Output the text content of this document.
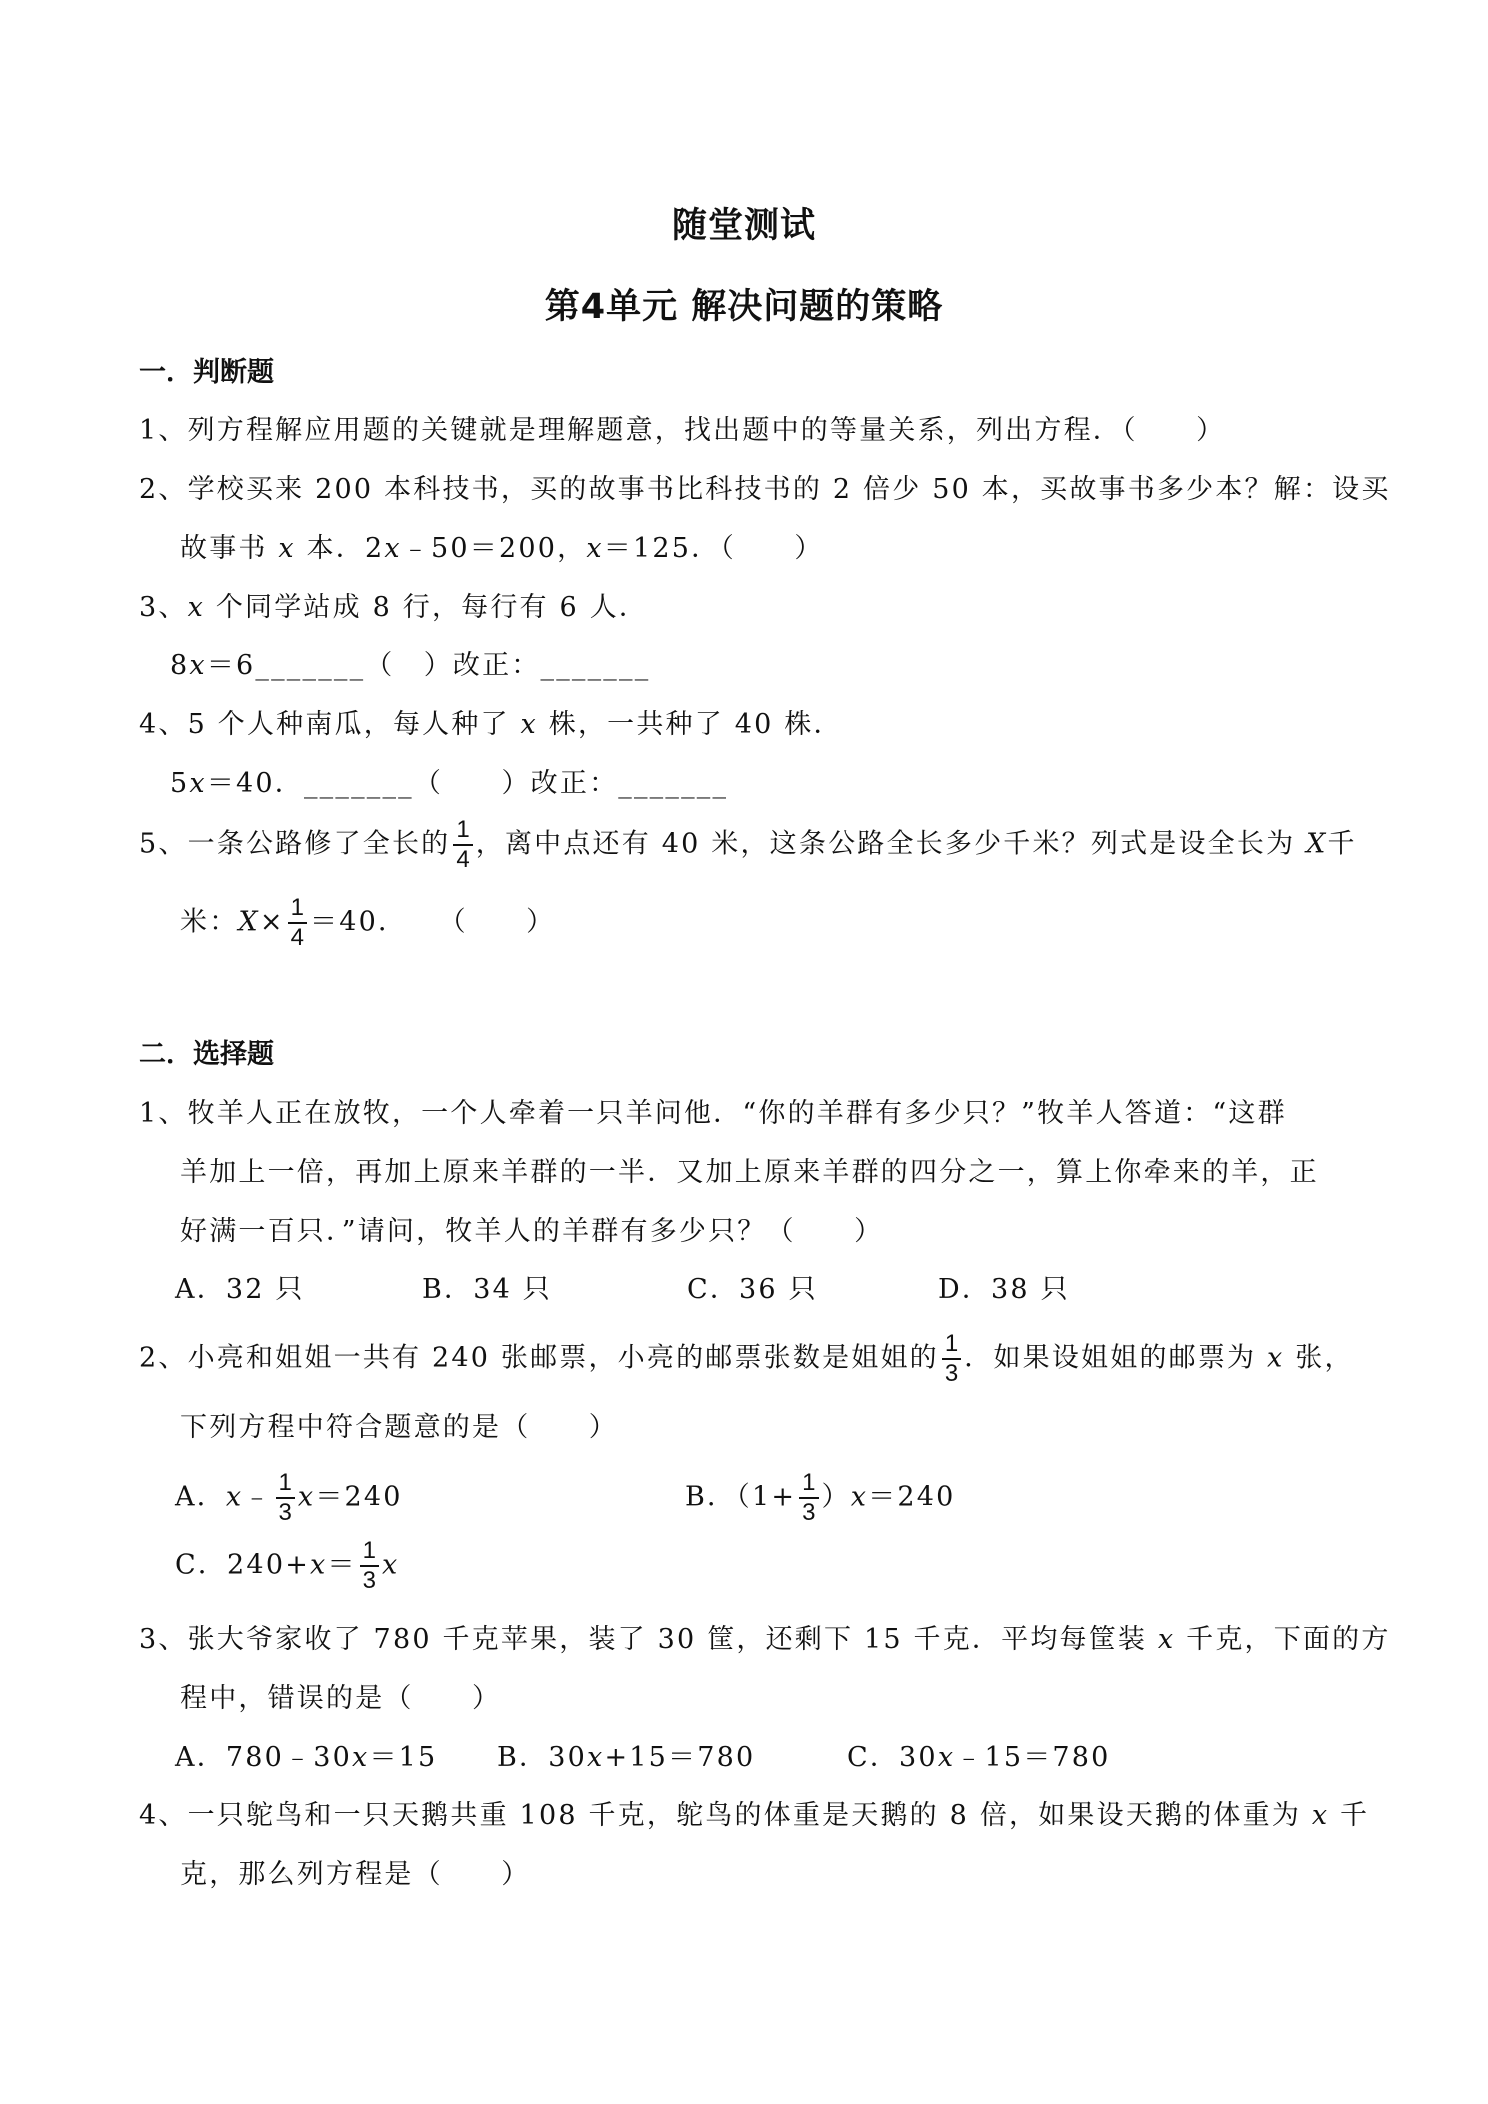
随堂测试
第4单元 解决问题的策略
一．判断题
1、列方程解应用题的关键就是理解题意，找出题中的等量关系，列出方程．（　　）
2、学校买来 200 本科技书，买的故事书比科技书的 2 倍少 50 本，买故事书多少本？解：设买
故事书 x 本．2x﹣50＝200，x＝125．（　　）
3、x 个同学站成 8 行，每行有 6 人．
8x＝6_______（　）改正：_______
4、5 个人种南瓜，每人种了 x 株，一共种了 40 株．
5x＝40．_______（　　）改正：_______
5、一条公路修了全长的 $\frac{1}{4}$ ，离中点还有 40 米，这条公路全长多少千米？列式是设全长为 X千
米：$X\times \frac{1}{4} =40$．　　（　　）
二．选择题
1、牧羊人正在放牧，一个人牵着一只羊问他．“你的羊群有多少只？”牧羊人答道：“这群
羊加上一倍，再加上原来羊群的一半．又加上原来羊群的四分之一，算上你牵来的羊，正
好满一百只．”请问，牧羊人的羊群有多少只？（　　）
A．32 只	B．34 只	C．36 只	D．38 只
2、小亮和姐姐一共有 240 张邮票，小亮的邮票张数是姐姐的 $\frac{1}{3}$ ．如果设姐姐的邮票为 x 张，
下列方程中符合题意的是（　　）
A．x﹣ $\frac{1}{3} x=240$	B．$(1+ \frac{1}{3} )x=240$
C．$240+x= \frac{1}{3}$ x
3、张大爷家收了 780 千克苹果，装了 30 筐，还剩下 15 千克．平均每筐装 x 千克，下面的方
程中，错误的是（　　）
A．780﹣30x＝15 B．30x+15＝780	C．30x﹣15＝780
4、一只鸵鸟和一只天鹅共重 108 千克，鸵鸟的体重是天鹅的 8 倍，如果设天鹅的体重为 x 千
克，那么列方程是（　　）
